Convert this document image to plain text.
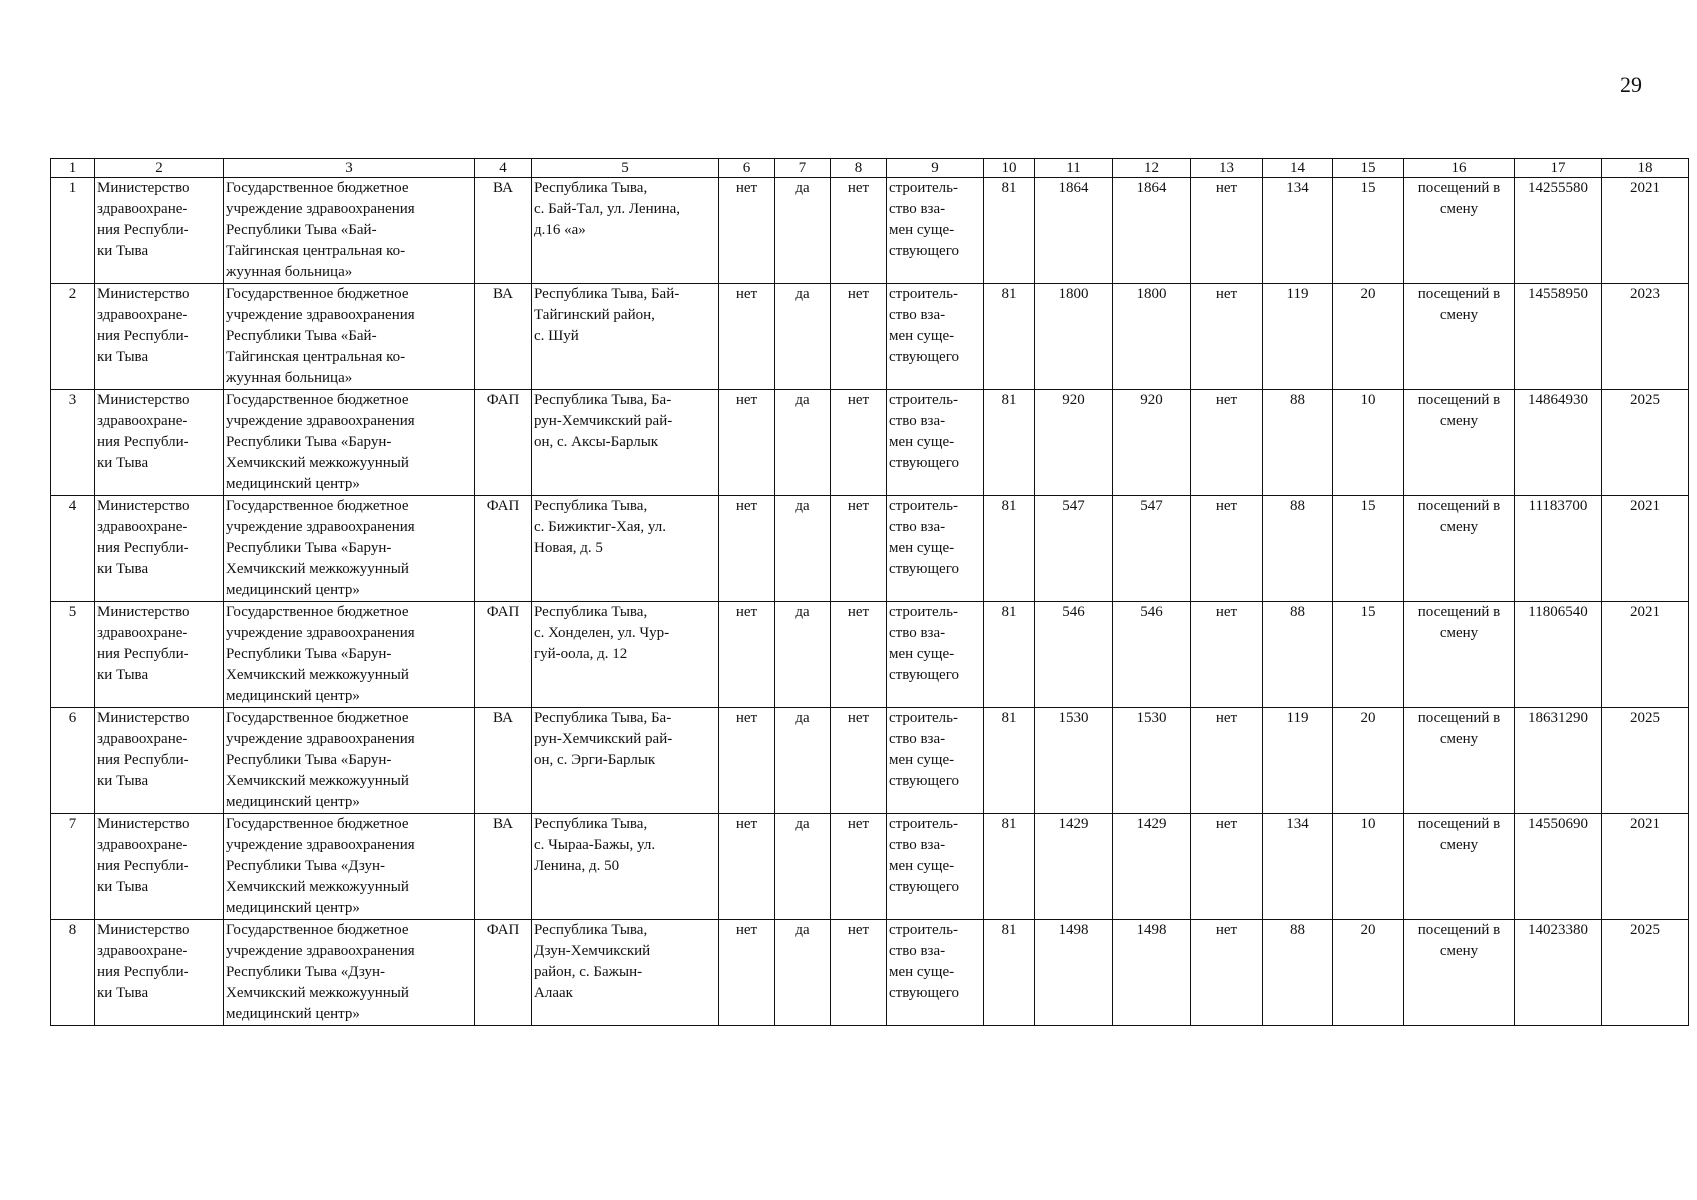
29
1	2	3	4	5	6	7	8	9	10	11	12	13	14	15	16	17	18
1	Министерство
здравоохране-
ния Республи-
ки Тыва	Государственное бюджетное
учреждение здравоохранения
Республики Тыва «Бай-
Тайгинская центральная ко-
жуунная больница»	ВА	Республика Тыва,
с. Бай-Тал, ул. Ленина,
д.16 «а»	нет	да	нет	строитель-
ство вза-
мен суще-
ствующего	81	1864	1864	нет	134	15	посещений в
смену	14255580	2021
2	Министерство
здравоохране-
ния Республи-
ки Тыва	Государственное бюджетное
учреждение здравоохранения
Республики Тыва «Бай-
Тайгинская центральная ко-
жуунная больница»	ВА	Республика Тыва, Бай-
Тайгинский район,
с. Шуй	нет	да	нет	строитель-
ство вза-
мен суще-
ствующего	81	1800	1800	нет	119	20	посещений в
смену	14558950	2023
3	Министерство
здравоохране-
ния Республи-
ки Тыва	Государственное бюджетное
учреждение здравоохранения
Республики Тыва «Барун-
Хемчикский межкожуунный
медицинский центр»	ФАП	Республика Тыва, Ба-
рун-Хемчикский рай-
он, с. Аксы-Барлык	нет	да	нет	строитель-
ство вза-
мен суще-
ствующего	81	920	920	нет	88	10	посещений в
смену	14864930	2025
4	Министерство
здравоохране-
ния Республи-
ки Тыва	Государственное бюджетное
учреждение здравоохранения
Республики Тыва «Барун-
Хемчикский межкожуунный
медицинский центр»	ФАП	Республика Тыва,
с. Бижиктиг-Хая, ул.
Новая, д. 5	нет	да	нет	строитель-
ство вза-
мен суще-
ствующего	81	547	547	нет	88	15	посещений в
смену	11183700	2021
5	Министерство
здравоохране-
ния Республи-
ки Тыва	Государственное бюджетное
учреждение здравоохранения
Республики Тыва «Барун-
Хемчикский межкожуунный
медицинский центр»	ФАП	Республика Тыва,
с. Хонделен, ул. Чур-
гуй-оола, д. 12	нет	да	нет	строитель-
ство вза-
мен суще-
ствующего	81	546	546	нет	88	15	посещений в
смену	11806540	2021
6	Министерство
здравоохране-
ния Республи-
ки Тыва	Государственное бюджетное
учреждение здравоохранения
Республики Тыва «Барун-
Хемчикский межкожуунный
медицинский центр»	ВА	Республика Тыва, Ба-
рун-Хемчикский рай-
он, с. Эрги-Барлык	нет	да	нет	строитель-
ство вза-
мен суще-
ствующего	81	1530	1530	нет	119	20	посещений в
смену	18631290	2025
7	Министерство
здравоохране-
ния Республи-
ки Тыва	Государственное бюджетное
учреждение здравоохранения
Республики Тыва «Дзун-
Хемчикский межкожуунный
медицинский центр»	ВА	Республика Тыва,
с. Чыраа-Бажы, ул.
Ленина, д. 50	нет	да	нет	строитель-
ство вза-
мен суще-
ствующего	81	1429	1429	нет	134	10	посещений в
смену	14550690	2021
8	Министерство
здравоохране-
ния Республи-
ки Тыва	Государственное бюджетное
учреждение здравоохранения
Республики Тыва «Дзун-
Хемчикский межкожуунный
медицинский центр»	ФАП	Республика Тыва,
Дзун-Хемчикский
район, с. Бажын-
Алаак	нет	да	нет	строитель-
ство вза-
мен суще-
ствующего	81	1498	1498	нет	88	20	посещений в
смену	14023380	2025
